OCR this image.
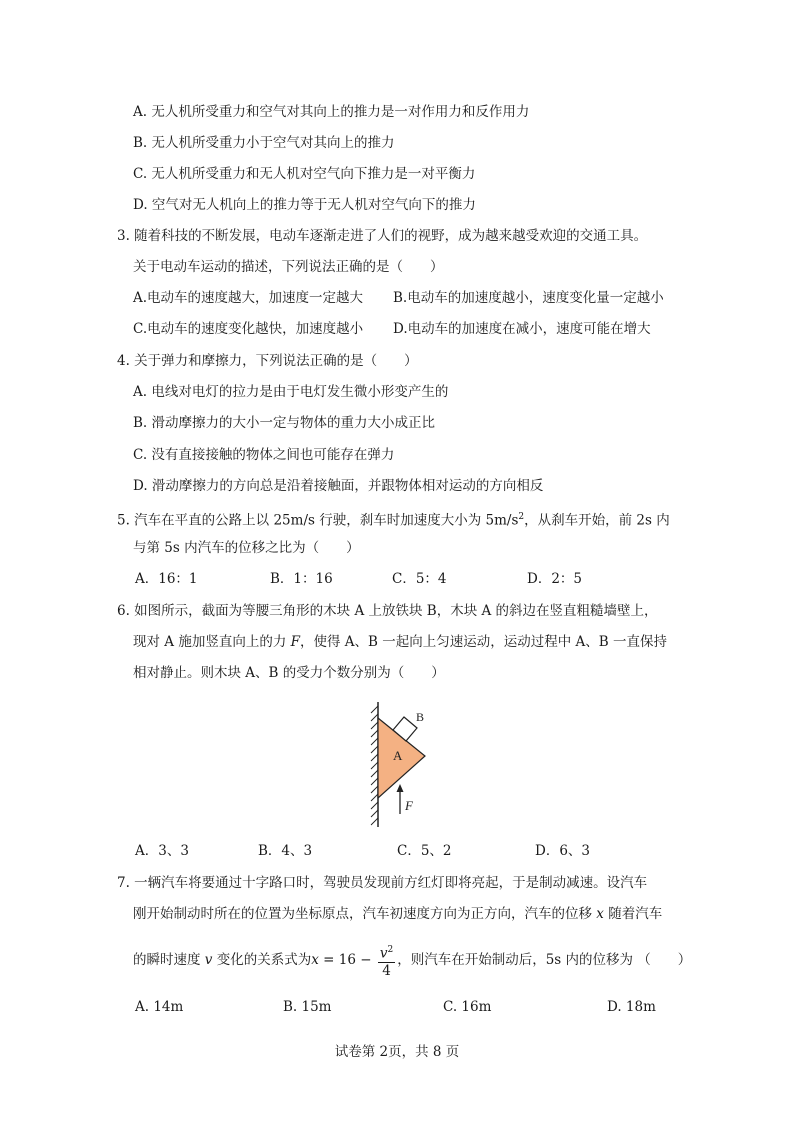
A. 无人机所受重力和空气对其向上的推力是一对作用力和反作用力
B. 无人机所受重力小于空气对其向上的推力
C. 无人机所受重力和无人机对空气向下推力是一对平衡力
D. 空气对无人机向上的推力等于无人机对空气向下的推力
3. 随着科技的不断发展，电动车逐渐走进了人们的视野，成为越来越受欢迎的交通工具。
关于电动车运动的描述，下列说法正确的是（　　）
A.电动车的速度越大，加速度一定越大 B.电动车的加速度越小，速度变化量一定越小
C.电动车的速度变化越快，加速度越小 D.电动车的加速度在减小，速度可能在增大
4. 关于弹力和摩擦力，下列说法正确的是（　　）
A. 电线对电灯的拉力是由于电灯发生微小形变产生的
B. 滑动摩擦力的大小一定与物体的重力大小成正比
C. 没有直接接触的物体之间也可能存在弹力
D. 滑动摩擦力的方向总是沿着接触面，并跟物体相对运动的方向相反
5. 汽车在平直的公路上以 25m/s 行驶，刹车时加速度大小为 $5m/s^2$，从刹车开始，前 2s 内
与第 5s 内汽车的位移之比为（　　）
A．16：1	B．1：16	C．5：4	D．2：5
6. 如图所示，截面为等腰三角形的木块 A 上放铁块 B，木块 A 的斜边在竖直粗糙墙壁上，
现对 A 施加竖直向上的力 F，使得 A、B 一起向上匀速运动，运动过程中 A、B 一直保持
相对静止。则木块 A、B 的受力个数分别为（　　）
A
B
F
A．3、3	B．4、3	C．5、2	D．6、3
7. 一辆汽车将要通过十字路口时，驾驶员发现前方红灯即将亮起，于是制动减速。设汽车
刚开始制动时所在的位置为坐标原点，汽车初速度方向为正方向，汽车的位移 x 随着汽车
的瞬时速度 v 变化的关系式为$x = 16 - \frac{v^2}{4}$ ，则汽车在开始制动后，5s 内的位移为 （　　）
A. 14m	B. 15m	C. 16m	D. 18m
试卷第 2页，共 8 页
